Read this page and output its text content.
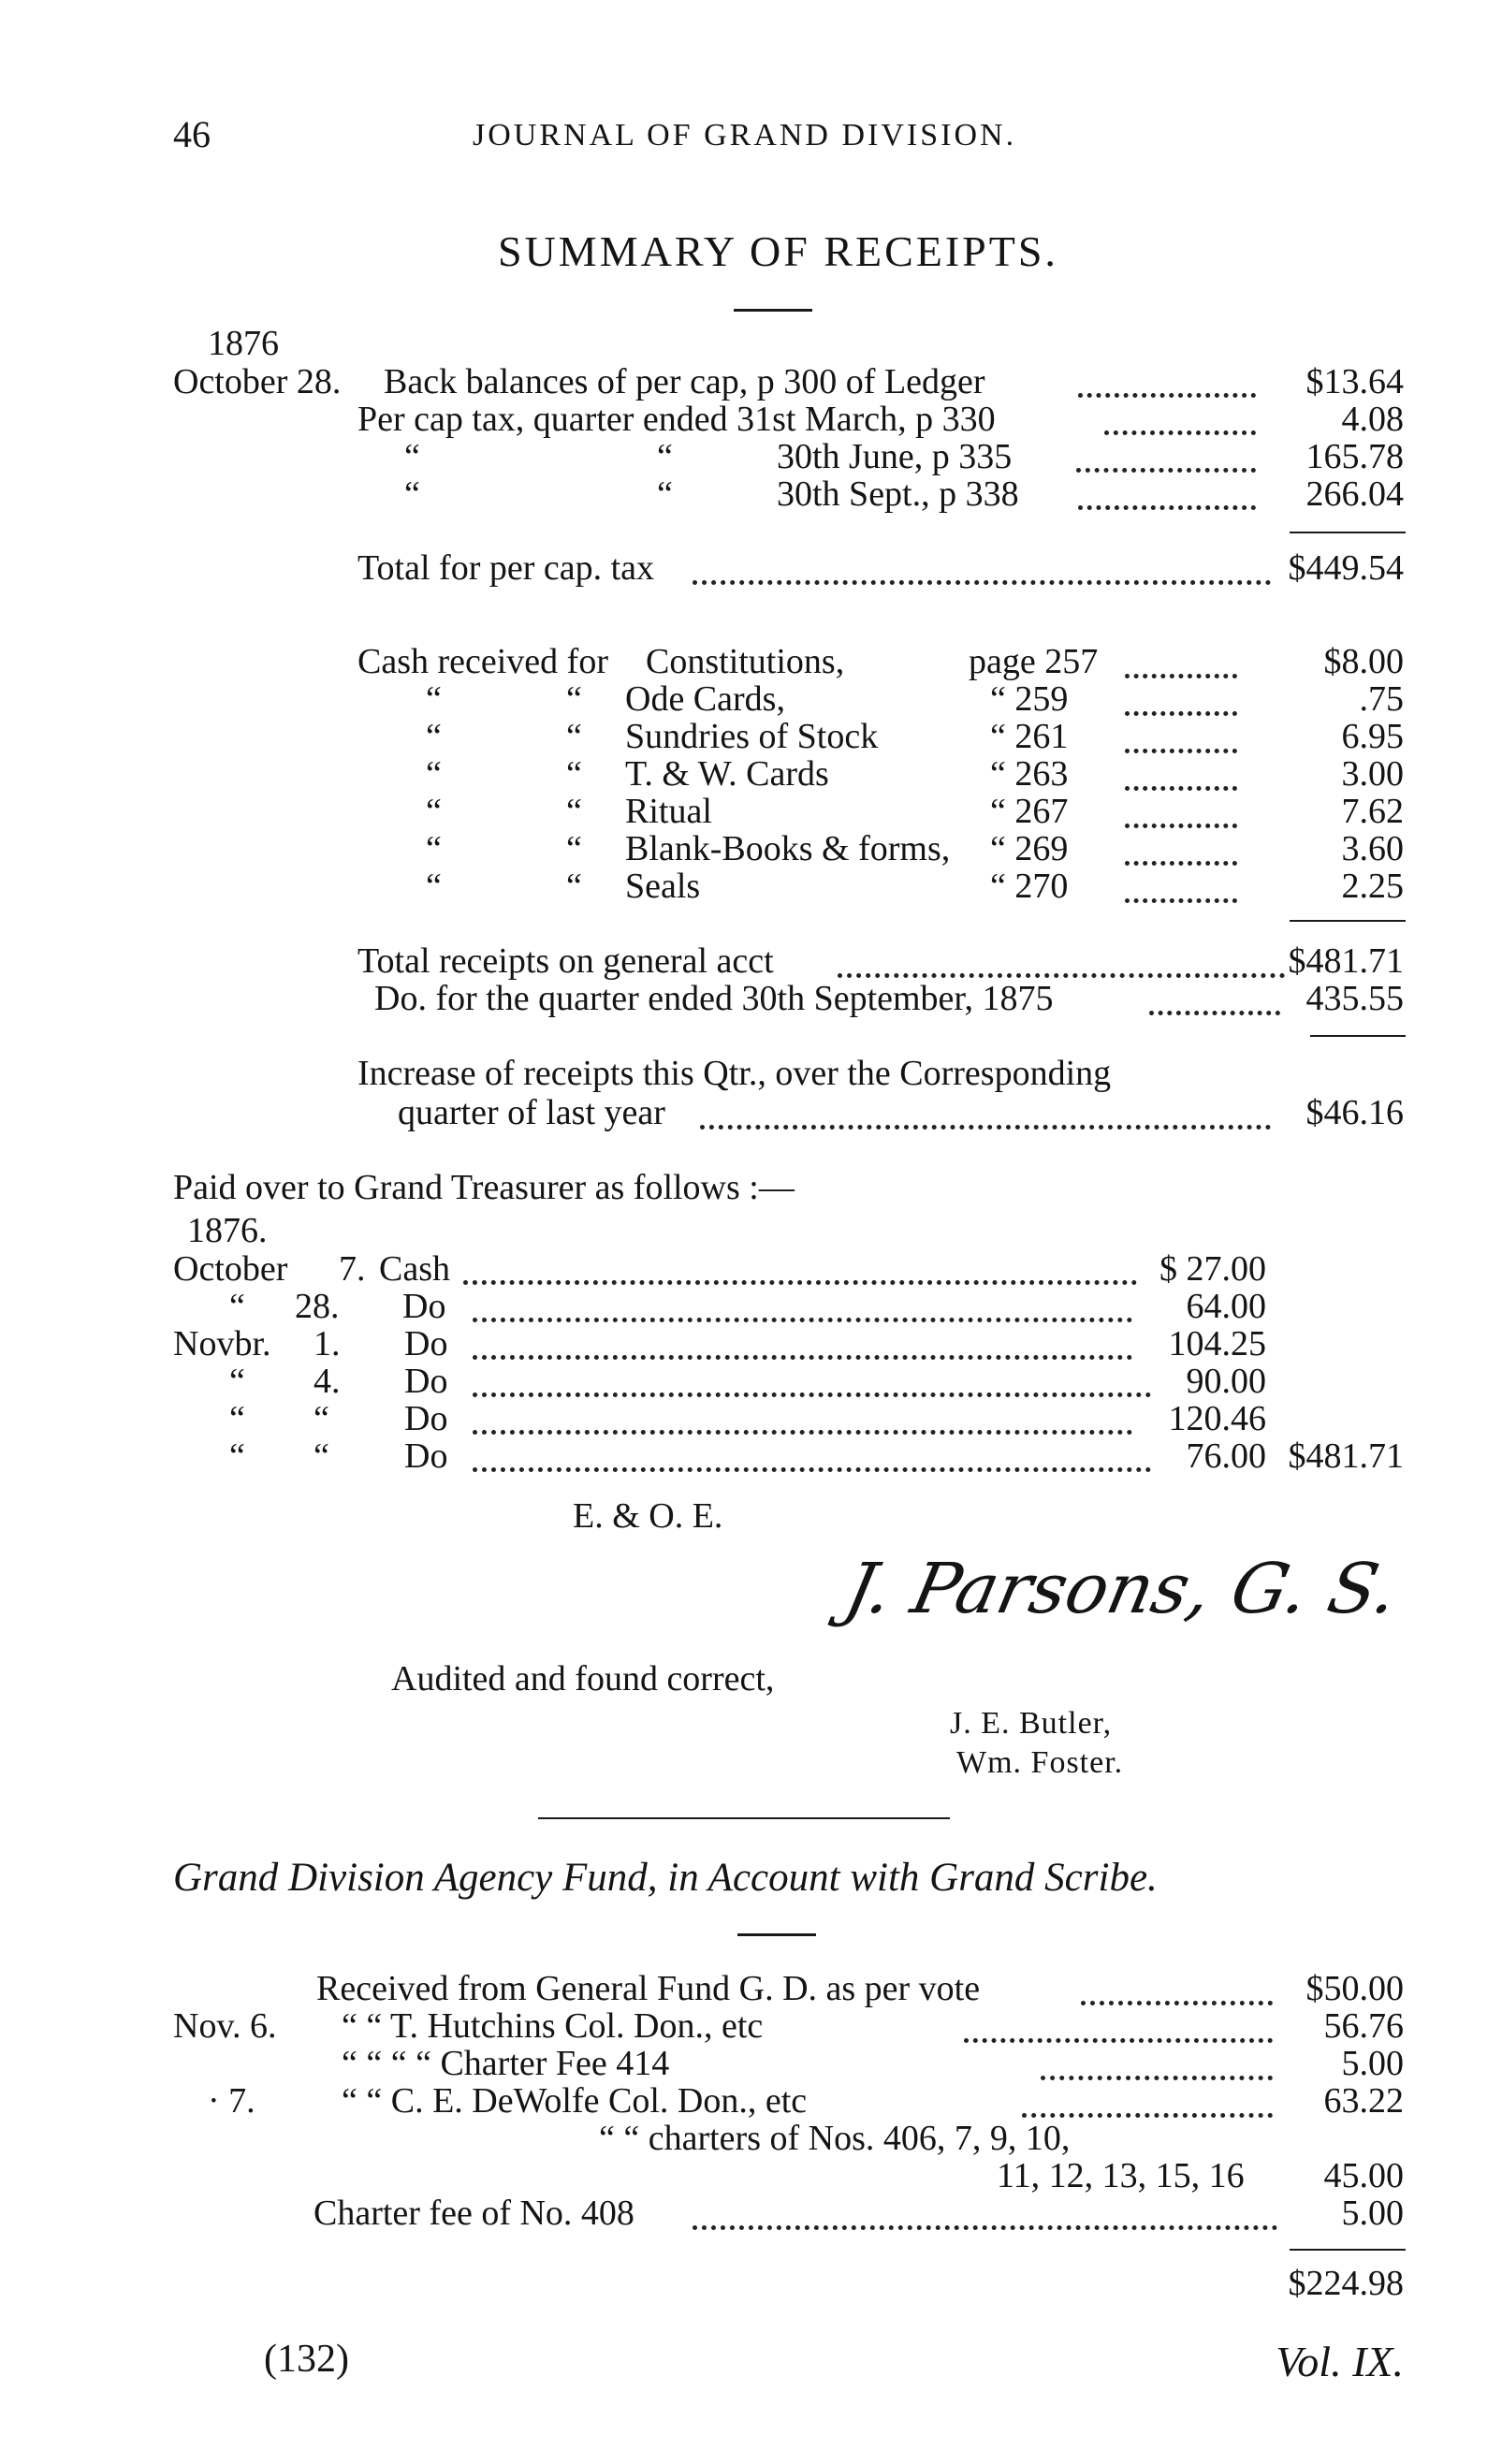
46	JOURNAL OF GRAND DIVISION.
SUMMARY OF RECEIPTS.
1876
October 28. Back balances of per cap, p 300 of Ledger	$13.64
Per cap tax, quarter ended 31st March, p 330	4.08
“	“	30th June, p 335	165.78
“	“	30th Sept., p 338	266.04
Total for per cap. tax	$449.54
Cash received for Constitutions,	page 257	$8.00
“	“ Ode Cards,	“ 259	.75
“	“ Sundries of Stock	“ 261	6.95
“	“ T. & W. Cards	“ 263	3.00
“	“ Ritual	“ 267	7.62
“	“ Blank-Books & forms, “ 269	3.60
“	“ Seals	“ 270	2.25
Total receipts on general acct	$481.71
Do. for the quarter ended 30th September, 1875	435.55
Increase of receipts this Qtr., over the Corresponding
quarter of last year	$46.16
Paid over to Grand Treasurer as follows :—
1876.
October 7. Cash	$ 27.00
“ 28. Do	64.00
Novbr. 1. Do	104.25
“ 4. Do	90.00
“ “ Do	120.46
“ “ Do	76.00 $481.71
E. & O. E.
J. Parsons, G. S.
Audited and found correct,
J. E. Butler,
Wm. Foster.
Grand Division Agency Fund, in Account with Grand Scribe.
Received from General Fund G. D. as per vote	$50.00
Nov. 6. “ “ T. Hutchins Col. Don., etc	56.76
“ “ “ “ Charter Fee 414	5.00
· 7. “ “ C. E. DeWolfe Col. Don., etc	63.22
“ “ charters of Nos. 406, 7, 9, 10,
11, 12, 13, 15, 16 45.00
Charter fee of No. 408	5.00
$224.98
(132)	Vol. IX.
